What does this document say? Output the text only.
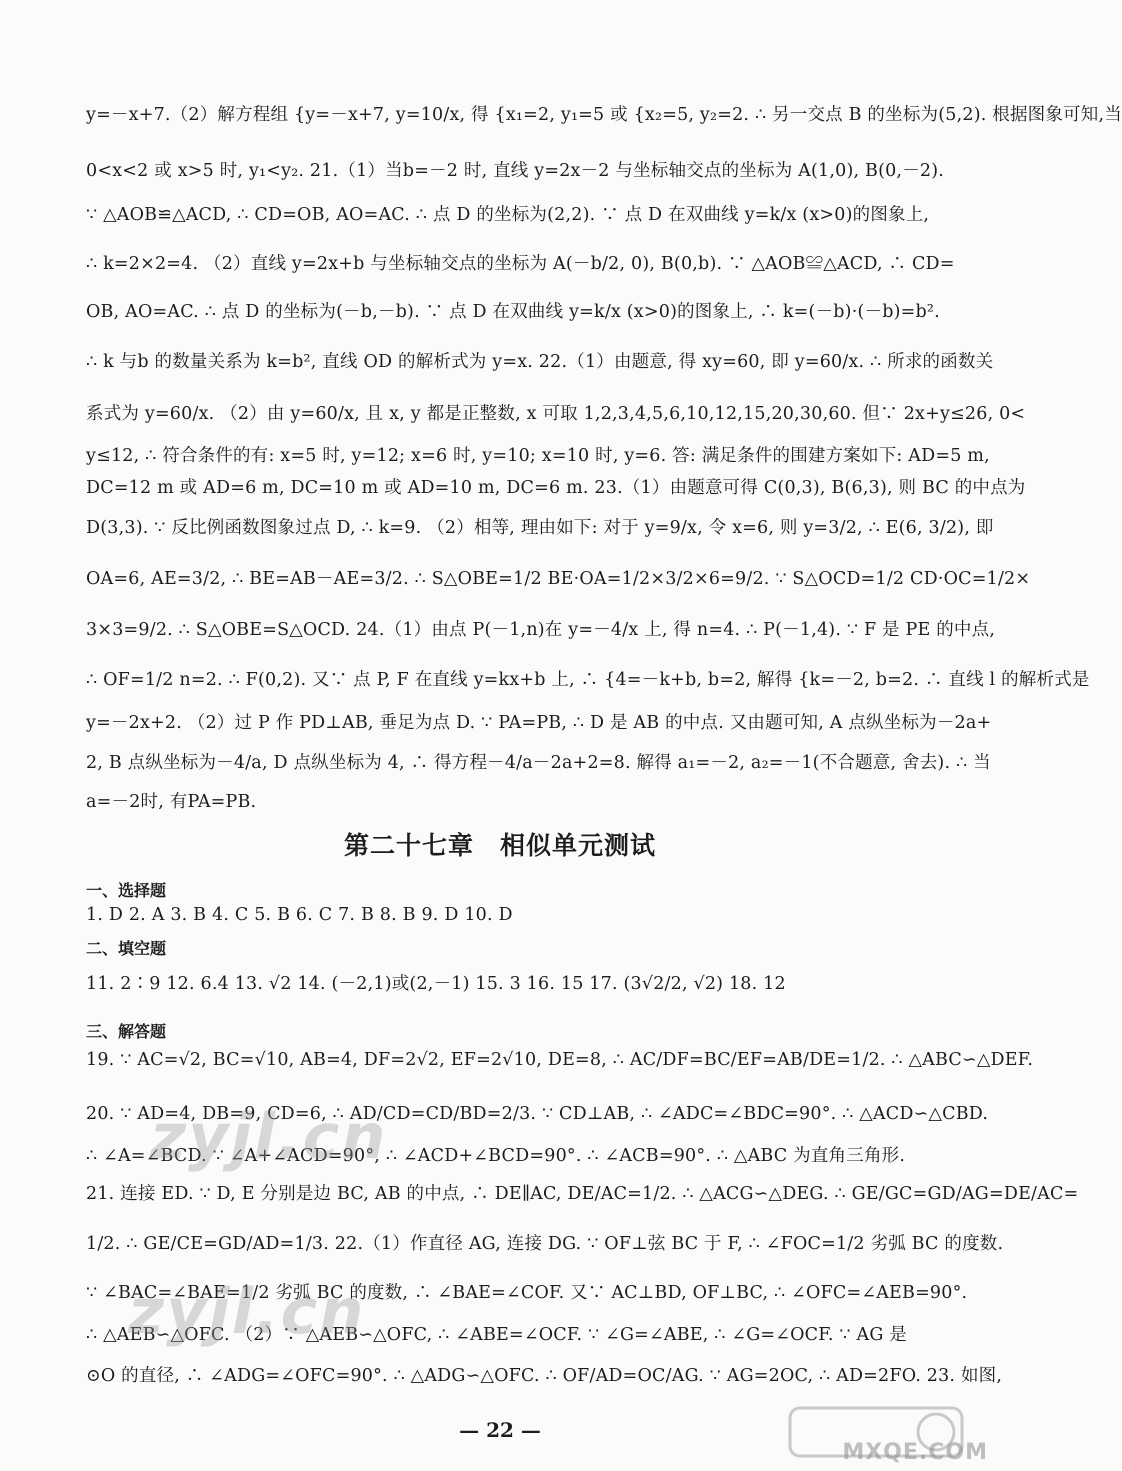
y=－x+7.（2）解方程组 {y=－x+7, y=10/x, 得 {x₁=2, y₁=5 或 {x₂=5, y₂=2. ∴ 另一交点 B 的坐标为(5,2). 根据图象可知,当
0<x<2 或 x>5 时, y₁<y₂. 21.（1）当b=－2 时, 直线 y=2x－2 与坐标轴交点的坐标为 A(1,0), B(0,－2).
∵ △AOB≌△ACD, ∴ CD=OB, AO=AC. ∴ 点 D 的坐标为(2,2). ∵ 点 D 在双曲线 y=k/x (x>0)的图象上,
∴ k=2×2=4. （2）直线 y=2x+b 与坐标轴交点的坐标为 A(－b/2, 0), B(0,b). ∵ △AOB≌△ACD, ∴ CD=
OB, AO=AC. ∴ 点 D 的坐标为(－b,－b). ∵ 点 D 在双曲线 y=k/x (x>0)的图象上, ∴ k=(－b)·(－b)=b².
∴ k 与b 的数量关系为 k=b², 直线 OD 的解析式为 y=x. 22.（1）由题意, 得 xy=60, 即 y=60/x. ∴ 所求的函数关
系式为 y=60/x. （2）由 y=60/x, 且 x, y 都是正整数, x 可取 1,2,3,4,5,6,10,12,15,20,30,60. 但∵ 2x+y≤26, 0<
y≤12, ∴ 符合条件的有: x=5 时, y=12; x=6 时, y=10; x=10 时, y=6. 答: 满足条件的围建方案如下: AD=5 m,
DC=12 m 或 AD=6 m, DC=10 m 或 AD=10 m, DC=6 m. 23.（1）由题意可得 C(0,3), B(6,3), 则 BC 的中点为
D(3,3). ∵ 反比例函数图象过点 D, ∴ k=9. （2）相等, 理由如下: 对于 y=9/x, 令 x=6, 则 y=3/2, ∴ E(6, 3/2), 即
OA=6, AE=3/2, ∴ BE=AB－AE=3/2. ∴ S△OBE=1/2 BE·OA=1/2×3/2×6=9/2. ∵ S△OCD=1/2 CD·OC=1/2×
3×3=9/2. ∴ S△OBE=S△OCD. 24.（1）由点 P(－1,n)在 y=－4/x 上, 得 n=4. ∴ P(－1,4). ∵ F 是 PE 的中点,
∴ OF=1/2 n=2. ∴ F(0,2). 又∵ 点 P, F 在直线 y=kx+b 上, ∴ {4=－k+b, b=2, 解得 {k=－2, b=2. ∴ 直线 l 的解析式是
y=－2x+2. （2）过 P 作 PD⊥AB, 垂足为点 D. ∵ PA=PB, ∴ D 是 AB 的中点. 又由题可知, A 点纵坐标为－2a+
2, B 点纵坐标为－4/a, D 点纵坐标为 4, ∴ 得方程－4/a－2a+2=8. 解得 a₁=－2, a₂=－1(不合题意, 舍去). ∴ 当
a=－2时, 有PA=PB.
第二十七章　相似单元测试
一、选择题
1. D 2. A 3. B 4. C 5. B 6. C 7. B 8. B 9. D 10. D
二、填空题
11. 2∶9 12. 6.4 13. √2 14. (－2,1)或(2,－1) 15. 3 16. 15 17. (3√2/2, √2) 18. 12
三、解答题
19. ∵ AC=√2, BC=√10, AB=4, DF=2√2, EF=2√10, DE=8, ∴ AC/DF=BC/EF=AB/DE=1/2. ∴ △ABC∽△DEF.
20. ∵ AD=4, DB=9, CD=6, ∴ AD/CD=CD/BD=2/3. ∵ CD⊥AB, ∴ ∠ADC=∠BDC=90°. ∴ △ACD∽△CBD.
∴ ∠A=∠BCD. ∵ ∠A+∠ACD=90°, ∴ ∠ACD+∠BCD=90°. ∴ ∠ACB=90°. ∴ △ABC 为直角三角形.
21. 连接 ED. ∵ D, E 分别是边 BC, AB 的中点, ∴ DE∥AC, DE/AC=1/2. ∴ △ACG∽△DEG. ∴ GE/GC=GD/AG=DE/AC=
1/2. ∴ GE/CE=GD/AD=1/3. 22.（1）作直径 AG, 连接 DG. ∵ OF⊥弦 BC 于 F, ∴ ∠FOC=1/2 劣弧 BC 的度数.
∵ ∠BAC=∠BAE=1/2 劣弧 BC 的度数, ∴ ∠BAE=∠COF. 又∵ AC⊥BD, OF⊥BC, ∴ ∠OFC=∠AEB=90°.
∴ △AEB∽△OFC. （2）∵ △AEB∽△OFC, ∴ ∠ABE=∠OCF. ∵ ∠G=∠ABE, ∴ ∠G=∠OCF. ∵ AG 是
⊙O 的直径, ∴ ∠ADG=∠OFC=90°. ∴ △ADG∽△OFC. ∴ OF/AD=OC/AG. ∵ AG=2OC, ∴ AD=2FO. 23. 如图,
zyjl.cn
zyjl.cn
— 22 —
MXQE.COM
